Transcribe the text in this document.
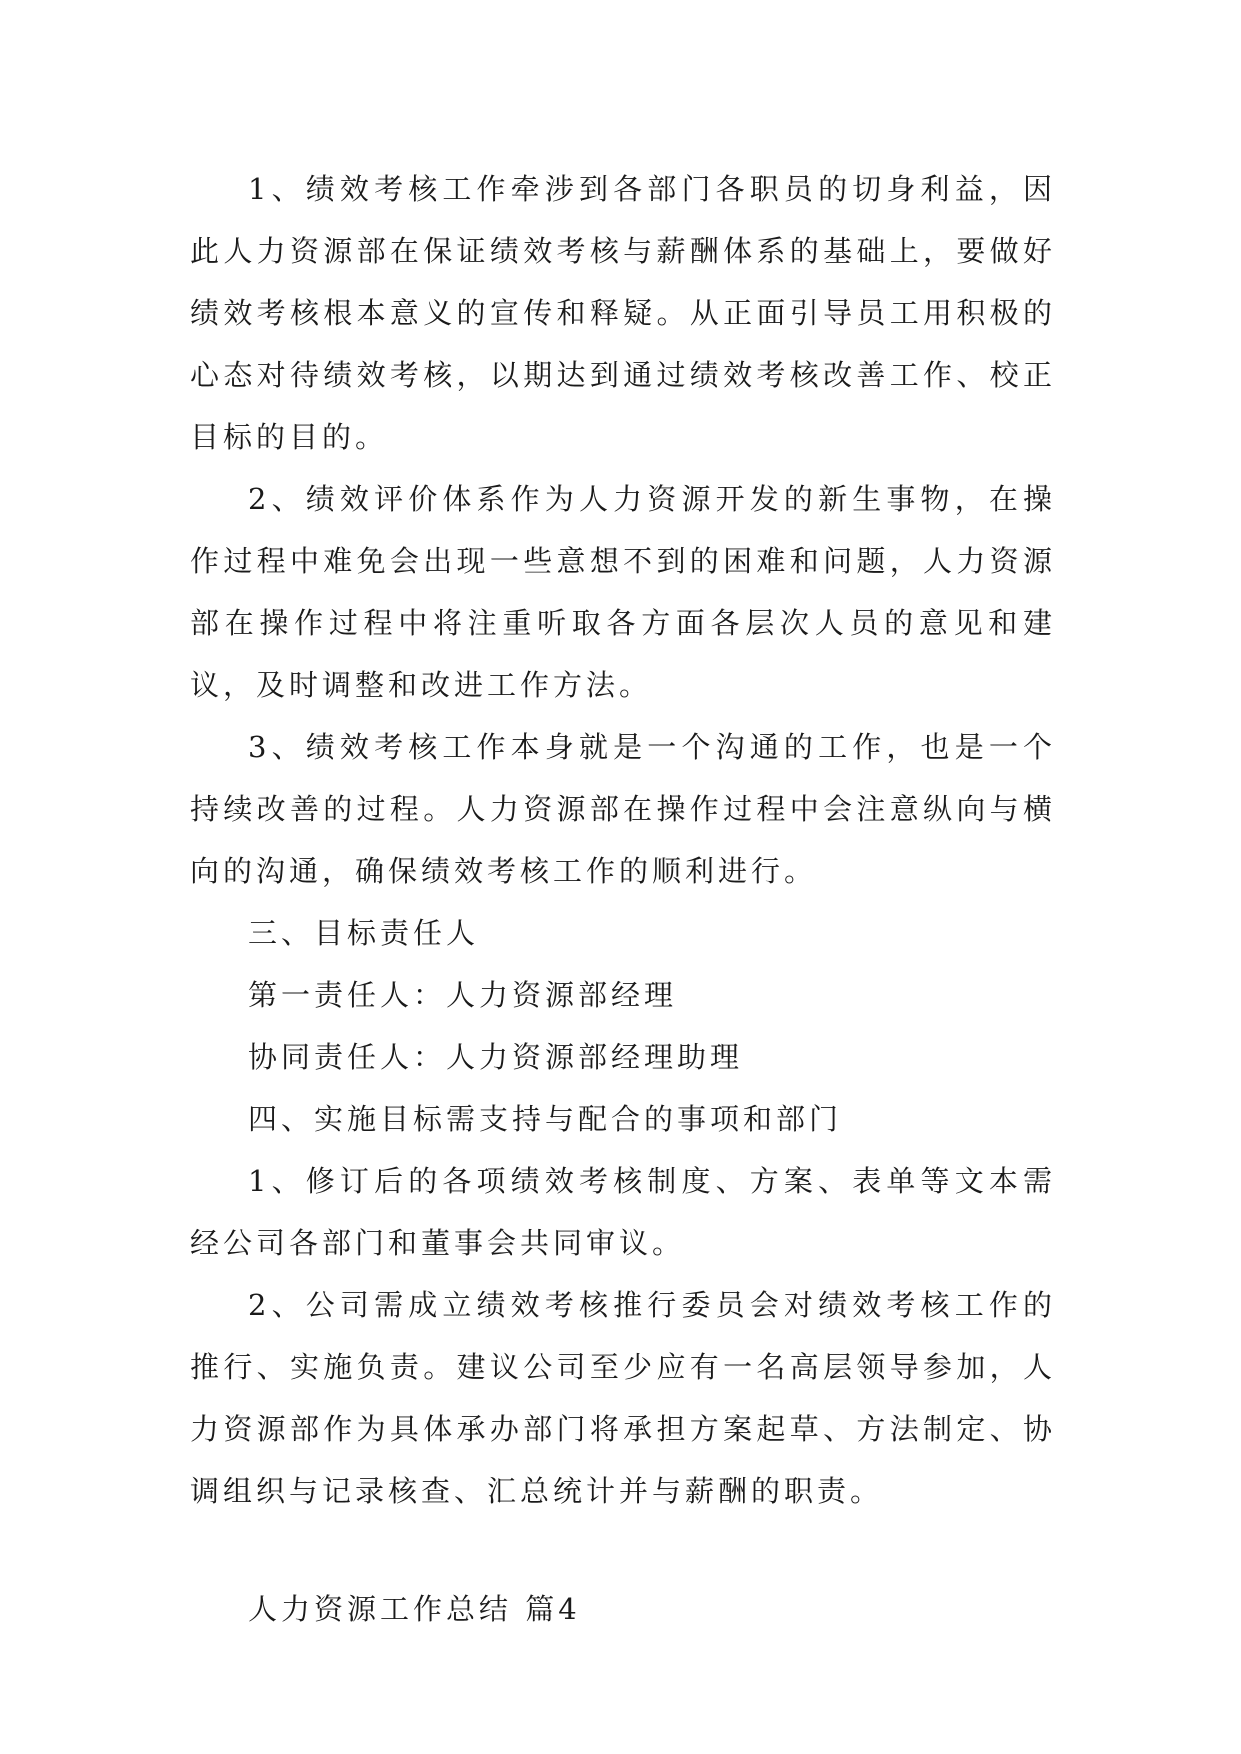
1、绩效考核工作牵涉到各部门各职员的切身利益，因此人力资源部在保证绩效考核与薪酬体系的基础上，要做好绩效考核根本意义的宣传和释疑。从正面引导员工用积极的心态对待绩效考核，以期达到通过绩效考核改善工作、校正目标的目的。

2、绩效评价体系作为人力资源开发的新生事物，在操作过程中难免会出现一些意想不到的困难和问题，人力资源部在操作过程中将注重听取各方面各层次人员的意见和建议，及时调整和改进工作方法。

3、绩效考核工作本身就是一个沟通的工作，也是一个持续改善的过程。人力资源部在操作过程中会注意纵向与横向的沟通，确保绩效考核工作的顺利进行。

三、目标责任人

第一责任人：人力资源部经理

协同责任人：人力资源部经理助理

四、实施目标需支持与配合的事项和部门

1、修订后的各项绩效考核制度、方案、表单等文本需经公司各部门和董事会共同审议。

2、公司需成立绩效考核推行委员会对绩效考核工作的推行、实施负责。建议公司至少应有一名高层领导参加，人力资源部作为具体承办部门将承担方案起草、方法制定、协调组织与记录核查、汇总统计并与薪酬的职责。

人力资源工作总结 篇4
